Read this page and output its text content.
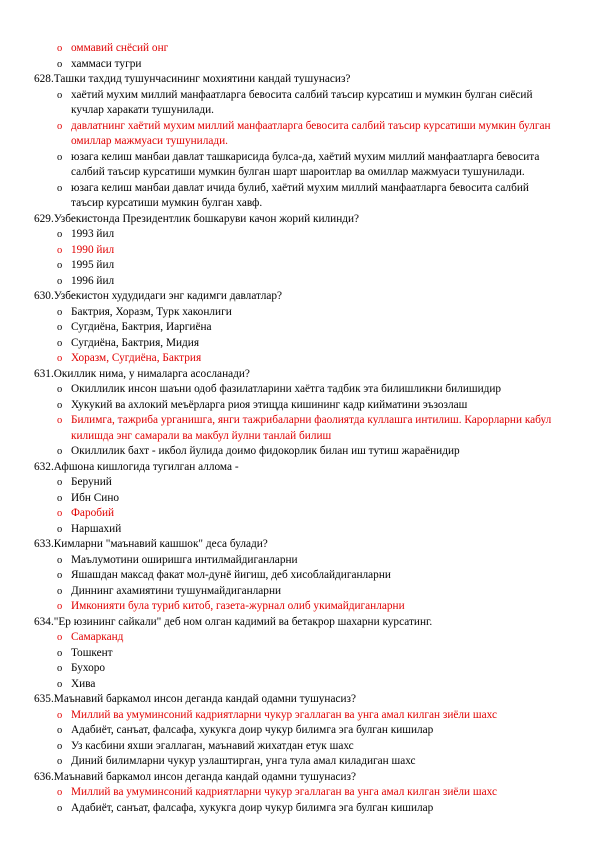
o оммавий снёсий онг
o хаммаси тугри
628.Ташки тахдид тушунчасининг мохиятини кандай тушунасиз?
o хаётий мухим миллий манфаатларга бевосита салбий таъсир курсатиш и мумкин булган сиёсий кучлар харакати тушунилади.
o давлатнинг хаётий мухим миллий манфаатларга бевосита салбий таъсир курсатиши мумкин булган омиллар мажмуаси тушунилади.
o юзага келиш манбаи давлат ташкарисида булса-да, хаётий мухим миллий манфаатларга бевосита салбий таъсир курсатиши мумкин булган шарт шароитлар ва омиллар мажмуаси тушунилади.
o юзага келиш манбаи давлат ичида булиб, хаётий мухим миллий манфаатларга бевосита салбий таъсир курсатиши мумкин булган хавф.
629.Узбекистонда Президентлик бошкаруви качон жорий килинди?
o 1993 йил
o 1990 йил
o 1995 йил
o 1996 йил
630.Узбекистон худудидаги энг кадимги давлатлар?
o Бактрия, Хоразм, Турк хаконлиги
o Сугдиёна, Бактрия, Иаргиёна
o Сугдиёна, Бактрия, Мидия
o Хоразм, Сугдиёна, Бактрия
631.Окиллик нима, у нималарга асосланади?
o Окиллилик инсон шаъни одоб фазилатларини хаётга тадбик эта билишликни билишидир
o Хукукий ва ахлокий меъёрларга риоя этищда кишининг кадр кийматини эъзозлаш
o Билимга, тажриба урганишга, янги тажрибаларни фаолиятда куллашга интилиш. Карорларни кабул килишда энг самарали ва макбул йулни танлай билиш
o Окиллилик бахт - икбол йулида доимо фидокорлик билан иш тутиш жараёнидир
632.Афшона кишлогида тугилган аллома -
o Беруний
o Ибн Сино
o Фаробий
o Наршахий
633.Кимларни "маънавий кашшок" деса булади?
o Маълумотини оширишга интилмайдиганларни
o Яшашдан максад факат мол-дунё йигиш, деб хисоблайдиганларни
o Диннинг ахамиятини тушунмайдиганларни
o Имконияти була туриб китоб, газета-журнал олиб укимайдиганларни
634."Ер юзининг сайкали" деб ном олган кадимий ва бетакрор шахарни курсатинг.
o Самарканд
o Тошкент
o Бухоро
o Хива
635.Маънавий баркамол инсон деганда кандай одамни тушунасиз?
o Миллий ва умуминсоний кадриятларни чукур эгаллаган ва унга амал килган зиёли шахс
o Адабиёт, санъат, фалсафа, хукукга доир чукур билимга эга булган кишилар
o Уз касбини яхши эгаллаган, маънавий жихатдан етук шахс
o Диний билимларни чукур узлаштирган, унга тула амал киладиган шахс
636.Маънавий баркамол инсон деганда кандай одамни тушунасиз?
o Миллий ва умуминсоний кадриятларни чукур эгаллаган ва унга амал килган зиёли шахс
o Адабиёт, санъат, фалсафа, хукукга доир чукур билимга эга булган кишилар
